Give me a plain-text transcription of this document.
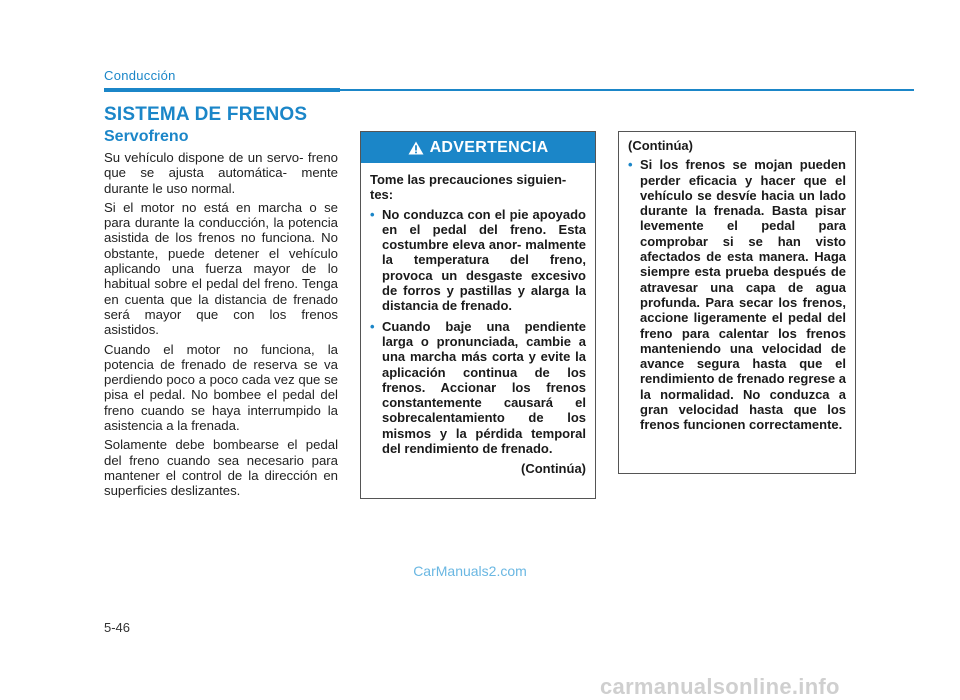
Conducción
SISTEMA DE FRENOS
Servofreno

Su vehículo dispone de un servo- freno que se ajusta automática- mente durante le uso normal.

Si el motor no está en marcha o se para durante la conducción, la potencia asistida de los frenos no funciona. No obstante, puede detener el vehículo aplicando una fuerza mayor de lo habitual sobre el pedal del freno. Tenga en cuenta que la distancia de frenado será mayor que con los frenos asistidos.

Cuando el motor no funciona, la potencia de frenado de reserva se va perdiendo poco a poco cada vez que se pisa el pedal. No bombee el pedal del freno cuando se haya interrumpido la asistencia a la frenada.

Solamente debe bombearse el pedal del freno cuando sea necesario para mantener el control de la dirección en superficies deslizantes.

ADVERTENCIA

Tome las precauciones siguien- tes:

• No conduzca con el pie apoyado en el pedal del freno. Esta costumbre eleva anor- malmente la temperatura del freno, provoca un desgaste excesivo de forros y pastillas y alarga la distancia de frenado.
• Cuando baje una pendiente larga o pronunciada, cambie a una marcha más corta y evite la aplicación continua de los frenos. Accionar los frenos constantemente causará el sobrecalentamiento de los mismos y la pérdida temporal del rendimiento de frenado.
(Continúa)

(Continúa)

• Si los frenos se mojan pueden perder eficacia y hacer que el vehículo se desvíe hacia un lado durante la frenada. Basta pisar levemente el pedal para comprobar si se han visto afectados de esta manera. Haga siempre esta prueba después de atravesar una capa de agua profunda. Para secar los frenos, accione ligeramente el pedal del freno para calentar los frenos manteniendo una velocidad de avance segura hasta que el rendimiento de frenado regrese a la normalidad. No conduzca a gran velocidad hasta que los frenos funcionen correctamente.
CarManuals2.com
5-46
carmanualsonline.info
